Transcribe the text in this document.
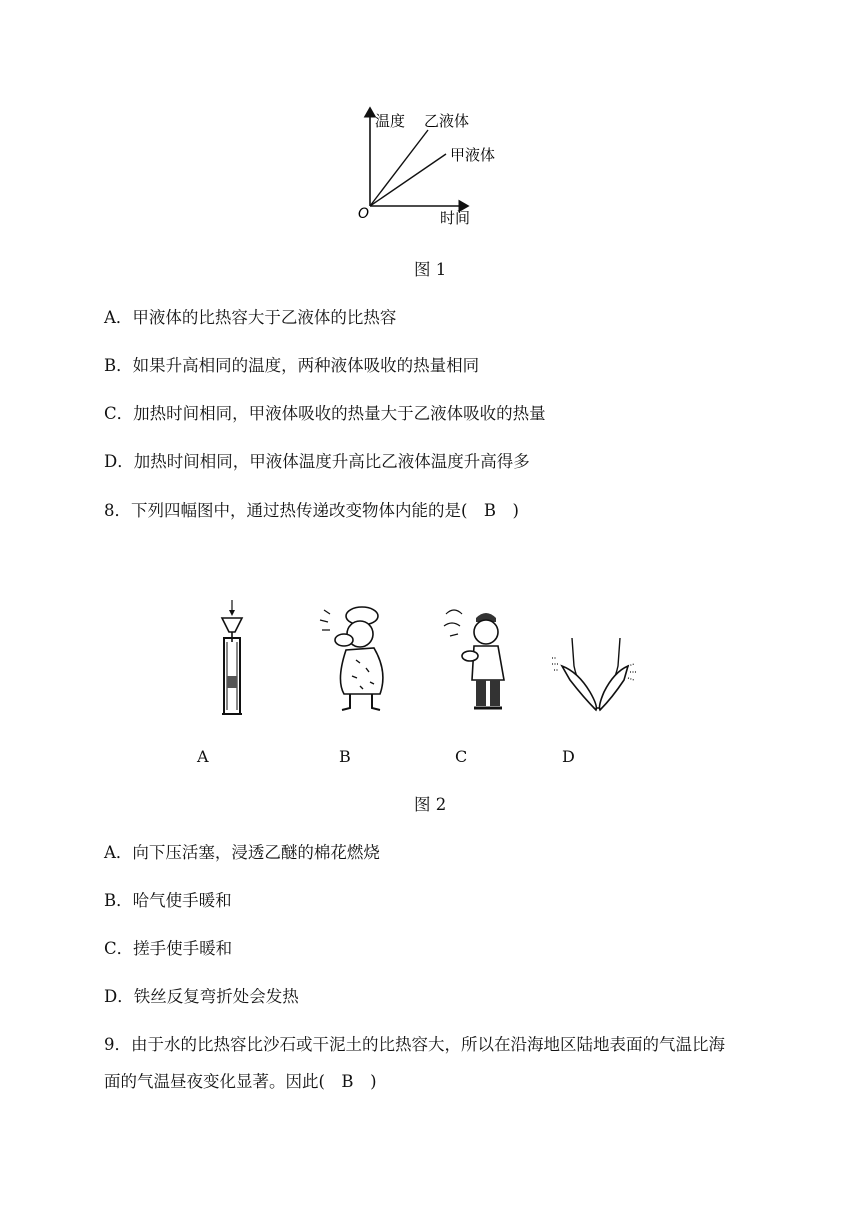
温度 乙液体
甲液体
O	时间
图 1
A．甲液体的比热容大于乙液体的比热容
B．如果升高相同的温度，两种液体吸收的热量相同
C．加热时间相同，甲液体吸收的热量大于乙液体吸收的热量
D．加热时间相同，甲液体温度升高比乙液体温度升高得多
8．下列四幅图中，通过热传递改变物体内能的是(　B　)
A	B	C	D
图 2
A．向下压活塞，浸透乙醚的棉花燃烧
B．哈气使手暖和
C．搓手使手暖和
D．铁丝反复弯折处会发热
9．由于水的比热容比沙石或干泥土的比热容大，所以在沿海地区陆地表面的气温比海
面的气温昼夜变化显著。因此(　B　)
